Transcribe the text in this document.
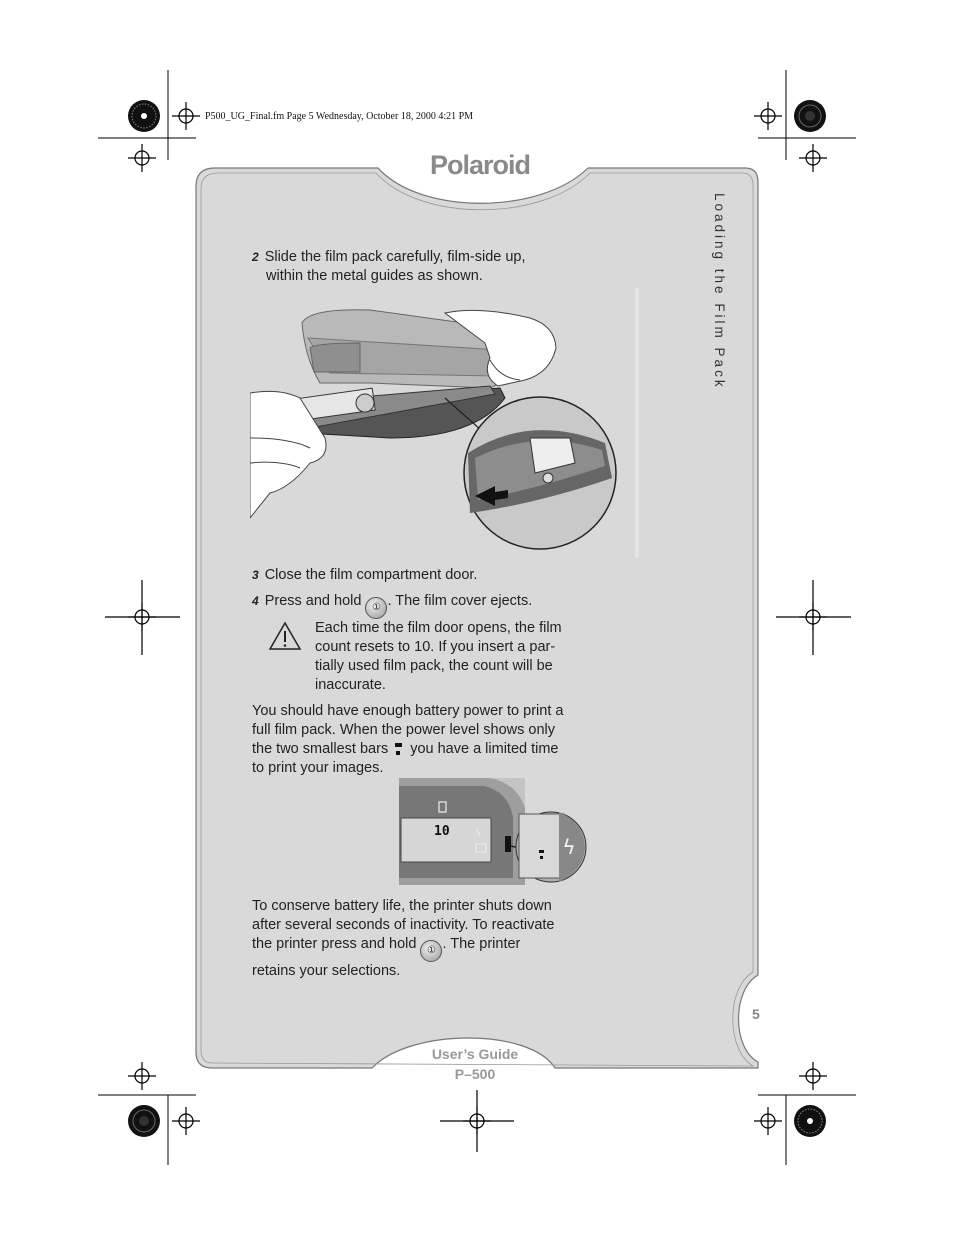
P500_UG_Final.fm Page 5 Wednesday, October 18, 2000 4:21 PM
Polaroid
Loading the Film Pack
2 Slide the film pack carefully, film-side up,
within the metal guides as shown.
3 Close the film compartment door.
4 Press and hold ① . The film cover ejects.
Each time the film door opens, the film
count resets to 10. If you insert a par-
tially used film pack, the count will be
inaccurate.
You should have enough battery power to print a
full film pack. When the power level shows only
the two smallest bars you have a limited time
to print your images.
ϟ
ϟ
10
To conserve battery life, the printer shuts down
after several seconds of inactivity. To reactivate
the printer press and hold ① . The printer
retains your selections.
5
User’s Guide
P–500
